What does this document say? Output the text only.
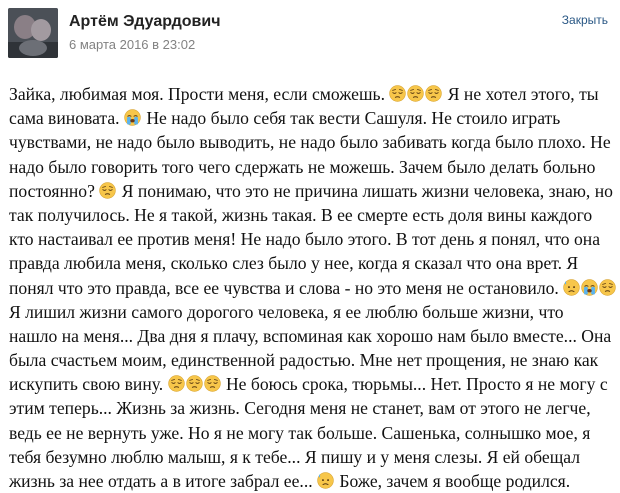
Артём Эдуардович
6 марта 2016 в 23:02
Закрыть
Зайка, любимая моя. Прости меня, если сможешь.	Я не хотел этого, ты
сама виновата.
Не надо было себя так вести Сашуля. Не стоило играть
чувствами, не надо было выводить, не надо было забивать когда было плохо. Не
надо было говорить того чего сдержать не можешь. Зачем было делать больно
постоянно?
Я понимаю, что это не причина лишать жизни человека, знаю, но
так получилось. Не я такой, жизнь такая. В ее смерте есть доля вины каждого
кто настаивал ее против меня! Не надо было этого. В тот день я понял, что она
правда любила меня, сколько слез было у нее, когда я сказал что она врет. Я
понял что это правда, все ее чувства и слова - но это меня не остановило.
Я лишил жизни самого дорогого человека, я ее люблю больше жизни, что
нашло на меня... Два дня я плачу, вспоминая как хорошо нам было вместе... Она
была счастьем моим, единственной радостью. Мне нет прощения, не знаю как
искупить свою вину.	Не боюсь срока, тюрьмы... Нет. Просто я не могу с
этим теперь... Жизнь за жизнь. Сегодня меня не станет, вам от этого не легче,
ведь ее не вернуть уже. Но я не могу так больше. Сашенька, солнышко мое, я
тебя безумно люблю малыш, я к тебе... Я пишу и у меня слезы. Я ей обещал
жизнь за нее отдать а в итоге забрал ее...
Боже, зачем я вообще родился.
